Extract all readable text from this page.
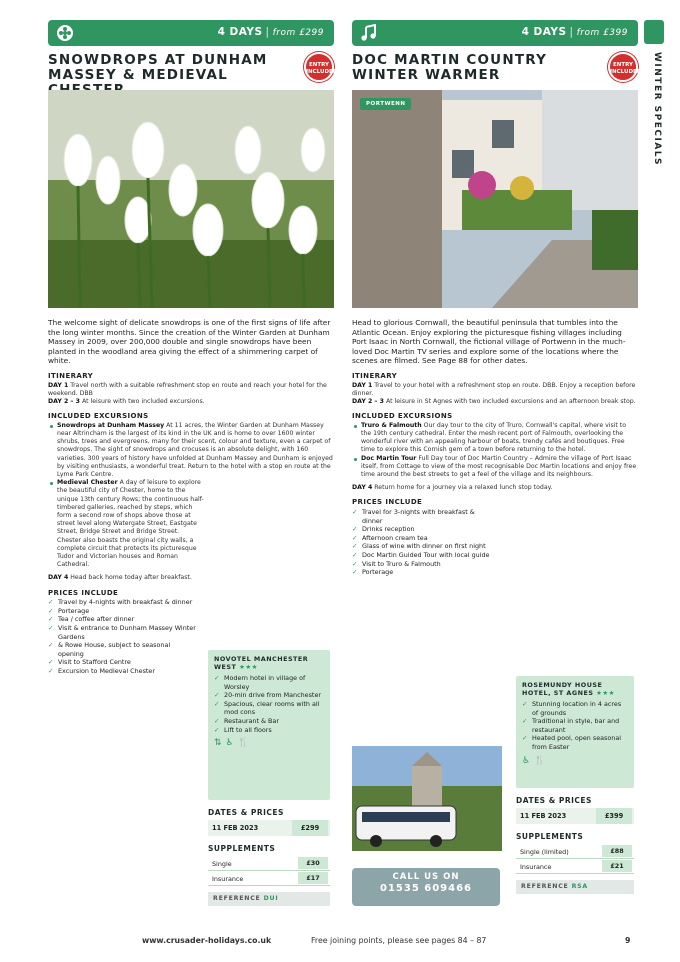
4 DAYS | from £299
SNOWDROPS AT DUNHAM MASSEY & MEDIEVAL
ENTRY INCLUDED

The welcome sight of delicate snowdrops is one of the first signs of life after the long winter months. Since the creation of the Winter Garden at Dunham Massey in 2009, over 200,000 double and single snowdrops have been planted in the woodland area giving the effect of a shimmering carpet of white.

ITINERARY

DAY 1 Travel north with a suitable refreshment stop en route and reach your hotel for the weekend. DBB

DAY 2 – 3 At leisure with two included excursions.

INCLUDED EXCURSIONS
Snowdrops at Dunham Massey At 11 acres, the Winter Garden at Dunham Massey near Altrincham is the largest of its kind in the UK and is home to over 1600 winter shrubs, trees and evergreens, many for their scent, colour and texture, even a carpet of snowdrops. The sight of snowdrops and crocuses is an absolute delight, with 160 varieties. 300 years of history have unfolded at Dunham Massey and Dunham is enjoyed by visiting enthusiasts, a wonderful treat. Return to the hotel with a stop en route at the Lyme Park Centre.
Medieval Chester A day of leisure to explore the beautiful city of Chester, home to the unique 13th century Rows; the continuous half-timbered galleries, reached by steps, which form a second row of shops above those at street level along Watergate Street, Eastgate Street, Bridge Street and Bridge Street. Chester also boasts the original city walls, a complete circuit that protects its picturesque Tudor and Victorian houses and Roman Cathedral.

DAY 4 Head back home today after breakfast.

PRICES INCLUDE
✓ Travel by 4-nights with breakfast & dinner
✓ Porterage
✓ Tea / coffee after dinner
✓ Visit & entrance to Dunham Massey Winter Gardens
✓ & Rowe House, subject to seasonal opening
✓ Visit to Stafford Centre
✓ Excursion to Medieval Chester
NOVOTEL MANCHESTER WEST ★★★
✓ Modern hotel in village of Worsley
✓ 20-min drive from Manchester
✓ Spacious, clear rooms with all mod cons
✓ Restaurant & Bar
✓ Lift to all floors
⇅♿🍴
DATES & PRICES
11 FEB 2023	£299
SUPPLEMENTS
Single	£30
Insurance	£17
REFERENCE DUI
4 DAYS | from £399
DOC MARTIN COUNTRY WINTER WARMER
ENTRY INCLUDED
PORTWENN

Head to glorious Cornwall, the beautiful peninsula that tumbles into the Atlantic Ocean. Enjoy exploring the picturesque fishing villages including Port Isaac in North Cornwall, the fictional village of Portwenn in the much-loved Doc Martin TV series and explore some of the locations where the scenes are filmed. See Page 88 for other dates.

ITINERARY

DAY 1 Travel to your hotel with a refreshment stop en route. DBB. Enjoy a reception before dinner.

DAY 2 – 3 At leisure in St Agnes with two included excursions and an afternoon break stop.

INCLUDED EXCURSIONS
Truro & Falmouth Our day tour to the city of Truro, Cornwall's capital, where visit to the 19th century cathedral. Enter the mesh recent port of Falmouth, overlooking the wonderful river with an appealing harbour of boats, trendy cafés and boutiques. Free time to explore this Cornish gem of a town before returning to the hotel.
Doc Martin Tour Full Day tour of Doc Martin Country – Admire the village of Port Isaac itself, from Cottage to view of the most recognisable Doc Martin locations and enjoy free time around the best streets to get a feel of the village and its neighbours.

DAY 4 Return home for a journey via a relaxed lunch stop today.

PRICES INCLUDE
✓ Travel for 3-nights with breakfast & dinner
✓ Drinks reception
✓ Afternoon cream tea
✓ Glass of wine with dinner on first night
✓ Doc Martin Guided Tour with local guide
✓ Visit to Truro & Falmouth
✓ Porterage
CALL US ON
01535 609466
ROSEMUNDY HOUSE HOTEL, ST AGNES ★★★
✓ Stunning location in 4 acres of grounds
✓ Traditional in style, bar and restaurant
✓ Heated pool, open seasonal from Easter
♿🍴
DATES & PRICES
11 FEB 2023	£399
SUPPLEMENTS
Single (limited)	£88
Insurance	£21
REFERENCE RSA
WINTER SPECIALS
www.crusader-holidays.co.uk	Free joining points, please see pages 84 – 87	9
